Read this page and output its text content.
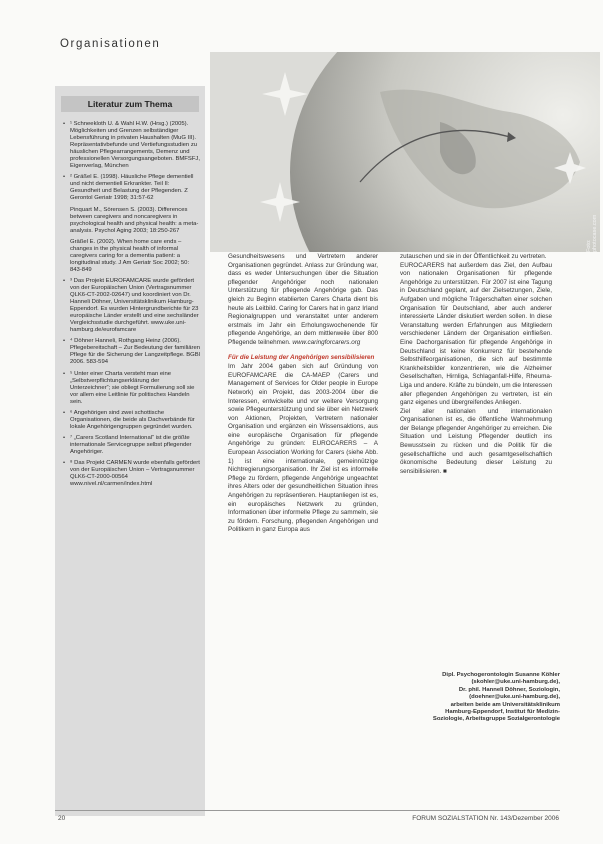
Organisationen
Literatur zum Thema
• ¹ Schneekloth U. & Wahl H.W. (Hrsg.) (2005). Möglichkeiten und Grenzen selbständiger Lebensführung in privaten Haushalten (MuG III). Repräsentativbefunde und Vertiefungsstudien zu häuslichen Pflegearrangements, Demenz und professionellen Versorgungsangeboten. BMFSFJ, Eigenverlag, München
• ² Gräßel E. (1998). Häusliche Pflege dementiell und nicht dementiell Erkrankter. Teil II: Gesundheit und Belastung der Pflegenden. Z Gerontol Geriatr 1998; 31:57-62
Pinquart M., Sörensen S. (2003). Differences between caregivers and noncaregivers in psychological health and physical health: a meta-analysis. Psychol Aging 2003; 18:250-267
Gräßel E. (2002). When home care ends – changes in the physical health of informal caregivers caring for a dementia patient: a longitudinal study. J Am Geriatr Soc 2002; 50: 843-849
• ³ Das Projekt EUROFAMCARE wurde gefördert von der Europäischen Union (Vertragsnummer QLK6-CT-2002-02647) und koordiniert von Dr. Hanneli Döhner, Universitätsklinikum Hamburg-Eppendorf. Es wurden Hintergrundberichte für 23 europäische Länder erstellt und eine sechsländer Vergleichsstudie durchgeführt. www.uke.uni-hamburg.de/eurofamcare
• ⁴ Döhner Hanneli, Rothgang Heinz (2006). Pflegebereitschaft – Zur Bedeutung der familiären Pflege für die Sicherung der Langzeitpflege. BGBl 2006. 583-594
• ⁵ Unter einer Charta versteht man eine „Selbstverpflichtungserklärung der Unterzeichner“; sie obliegt Formulierung soll sie vor allem eine Leitlinie für politisches Handeln sein.
• ⁶ Angehörigen sind zwei schottische Organisationen, die beide als Dachverbände für lokale Angehörigengruppen gegründet wurden.
• ⁷ „Carers Scotland International“ ist die größte internationale Servicegruppe selbst pflegender Angehöriger.
• ⁸ Das Projekt CARMEN wurde ebenfalls gefördert von der Europäischen Union – Vertragsnummer QLK6-CT-2000-00564 www.nivel.nl/carmen/index.html
Foto: photocase.com

Gesundheitswesens und Vertretern anderer Organisationen gegründet. Anlass zur Gründung war, dass es weder Untersuchungen über die Situation pflegender Angehöriger noch nationalen Unterstützung für pflegende Angehörige gab. Das gleich zu Beginn etablierten Carers Charta dient bis heute als Leitbild. Caring for Carers hat in ganz Irland Regionalgruppen und veranstaltet unter anderem erstmals im Jahr ein Erholungswochenende für pflegende Angehörige, an dem mittlerweile über 800 Pflegende teilnehmen. www.caringforcarers.org

Für die Leistung der Angehörigen sensibilisieren

Im Jahr 2004 gaben sich auf Gründung von EUROFAMCARE die CA-MAEP (Carers und Management of Services for Older people in Europe Network) ein Projekt, das 2003-2004 über die Interessen, entwickelte und vor weitere Versorgung sowie Pflegeunterstützung und sie über ein Netzwerk von Aktionen, Projekten, Vertretern nationaler Organisation und ergänzen ein Wissensaktions, aus eine europäische Organisation für pflegende Angehörige zu gründen: EUROCARERS – A European Association Working for Carers (siehe Abb. 1) ist eine internationale, gemeinnützige Nichtregierungsorganisation. Ihr Ziel ist es informelle Pflege zu fördern, pflegende Angehörige ungeachtet ihres Alters oder der gesundheitlichen Situation ihres Angehörigen zu repräsentieren. Hauptanliegen ist es, ein europäisches Netzwerk zu gründen, Informationen über informelle Pflege zu sammeln, sie zu fördern. Forschung, pflegenden Angehörigen und Politikern in ganz Europa aus

zutauschen und sie in der Öffentlichkeit zu vertreten.

EUROCARERS hat außerdem das Ziel, den Aufbau von nationalen Organisationen für pflegende Angehörige zu unterstützen. Für 2007 ist eine Tagung in Deutschland geplant, auf der Zielsetzungen, Ziele, Aufgaben und mögliche Trägerschaften einer solchen Organisation für Deutschland, aber auch anderer interessierte Länder diskutiert werden sollen. In diese Veranstaltung werden Erfahrungen aus Mitgliedern verschiedener Ländern der Organisation einfließen. Eine Dachorganisation für pflegende Angehörige in Deutschland ist keine Konkurrenz für bestehende Selbsthilfeorganisationen, die sich auf bestimmte Krankheitsbilder konzentrieren, wie die Alzheimer Gesellschaften, Hirnliga, Schlaganfall-Hilfe, Rheuma-Liga und andere. Kräfte zu bündeln, um die Interessen aller pflegenden Angehörigen zu vertreten, ist ein ganz eigenes und übergreifendes Anliegen.

Ziel aller nationalen und internationalen Organisationen ist es, die öffentliche Wahrnehmung der Belange pflegender Angehöriger zu erreichen. Die Situation und Leistung Pflegender deutlich ins Bewusstsein zu rücken und die Politik für die gesellschaftliche und auch gesamtgesellschaftlich ökonomische Bedeutung dieser Leistung zu sensibilisieren. ■

Dipl. Psychogerontologin Susanne Köhler
(skohler@uke.uni-hamburg.de),
Dr. phil. Hanneli Döhner, Soziologin,
(doehner@uke.uni-hamburg.de),
arbeiten beide am Universitätsklinikum
Hamburg-Eppendorf, Institut für Medizin-
Soziologie, Arbeitsgruppe Sozialgerontologie
20	FORUM SOZIALSTATION Nr. 143/Dezember 2006
